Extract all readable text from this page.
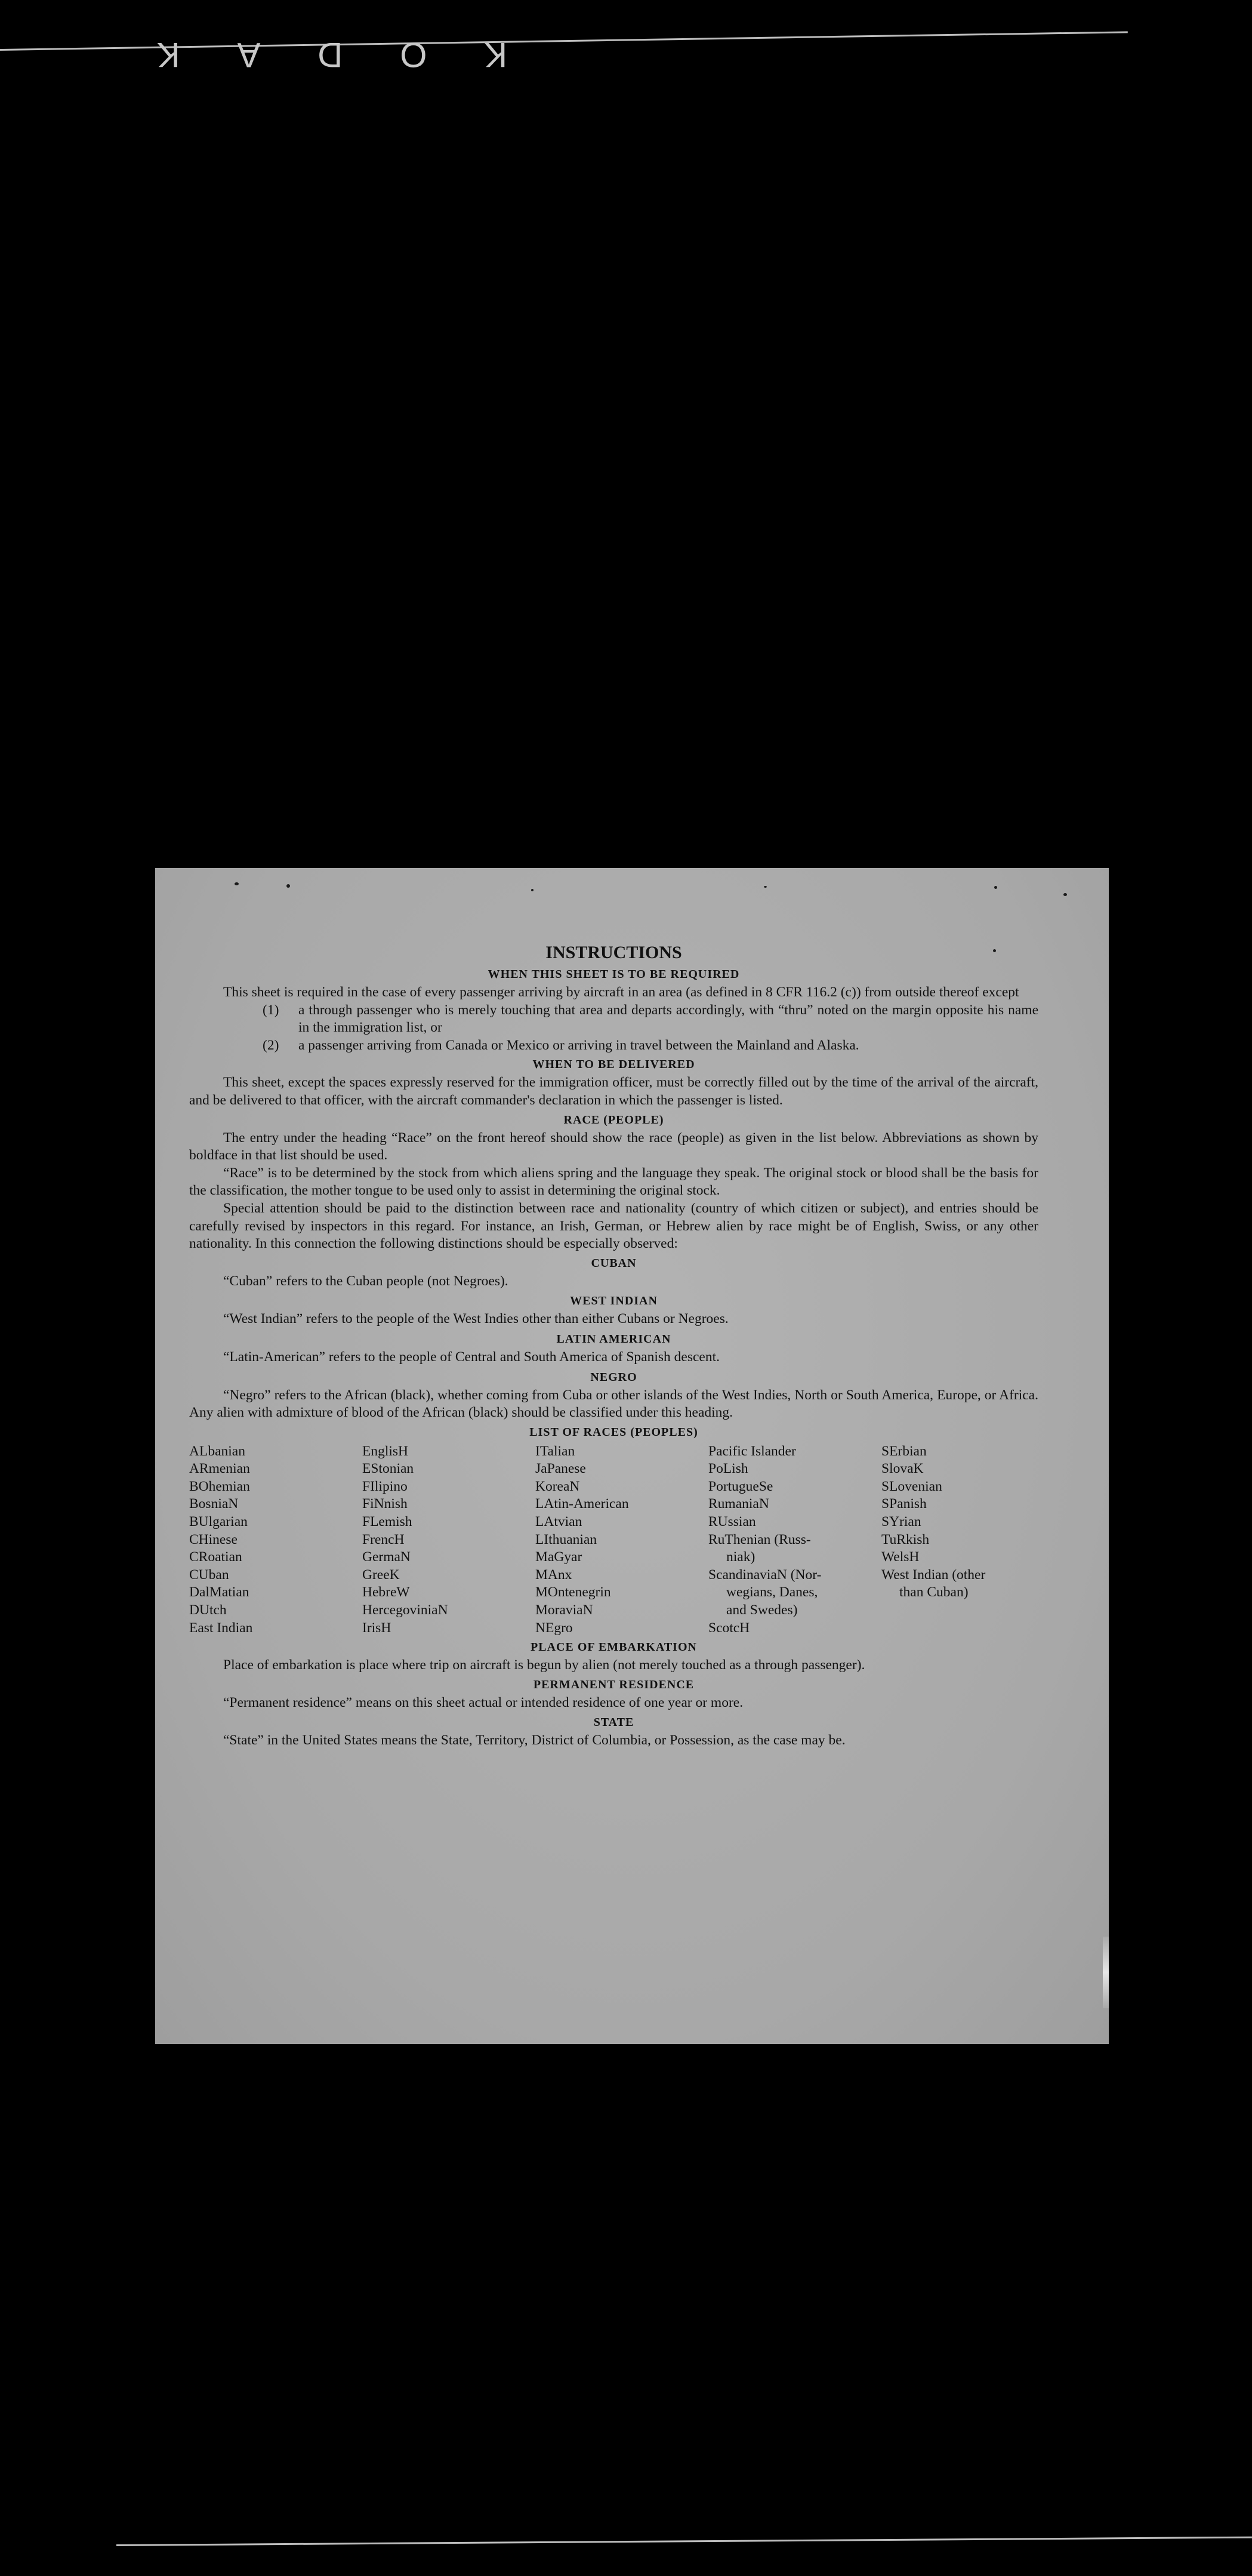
KODAK
INSTRUCTIONS
WHEN THIS SHEET IS TO BE REQUIRED

This sheet is required in the case of every passenger arriving by aircraft in an area (as defined in 8 CFR 116.2 (c)) from outside thereof except

(1)	a through passenger who is merely touching that area and departs accordingly, with “thru” noted on the margin opposite his name in the immigration list, or
(2)	a passenger arriving from Canada or Mexico or arriving in travel between the Mainland and Alaska.
WHEN TO BE DELIVERED

This sheet, except the spaces expressly reserved for the immigration officer, must be correctly filled out by the time of the arrival of the aircraft, and be delivered to that officer, with the aircraft commander's declaration in which the passenger is listed.

RACE (PEOPLE)

The entry under the heading “Race” on the front hereof should show the race (people) as given in the list below. Abbreviations as shown by boldface in that list should be used.

“Race” is to be determined by the stock from which aliens spring and the language they speak. The original stock or blood shall be the basis for the classification, the mother tongue to be used only to assist in determining the original stock.

Special attention should be paid to the distinction between race and nationality (country of which citizen or subject), and entries should be carefully revised by inspectors in this regard. For instance, an Irish, German, or Hebrew alien by race might be of English, Swiss, or any other nationality. In this connection the following distinctions should be especially observed:

CUBAN

“Cuban” refers to the Cuban people (not Negroes).

WEST INDIAN

“West Indian” refers to the people of the West Indies other than either Cubans or Negroes.

LATIN AMERICAN

“Latin-American” refers to the people of Central and South America of Spanish descent.

NEGRO

“Negro” refers to the African (black), whether coming from Cuba or other islands of the West Indies, North or South America, Europe, or Africa. Any alien with admixture of blood of the African (black) should be classified under this heading.

LIST OF RACES (PEOPLES)
ALbanian
ARmenian
BOhemian
BosniaN
BUlgarian
CHinese
CRoatian
CUban
DalMatian
DUtch
East Indian
EnglisH
EStonian
FIlipino
FiNnish
FLemish
FrencH
GermaN
GreeK
HebreW
HercegoviniaN
IrisH
ITalian
JaPanese
KoreaN
LAtin-American
LAtvian
LIthuanian
MaGyar
MAnx
MOntenegrin
MoraviaN
NEgro
Pacific Islander
PoLish
PortugueSe
RumaniaN
RUssian
RuThenian (Russ-
niak)
ScandinaviaN (Nor-
wegians, Danes,
and Swedes)
ScotcH
SErbian
SlovaK
SLovenian
SPanish
SYrian
TuRkish
WelsH
West Indian (other
than Cuban)
PLACE OF EMBARKATION

Place of embarkation is place where trip on aircraft is begun by alien (not merely touched as a through passenger).

PERMANENT RESIDENCE

“Permanent residence” means on this sheet actual or intended residence of one year or more.

STATE

“State” in the United States means the State, Territory, District of Columbia, or Possession, as the case may be.
